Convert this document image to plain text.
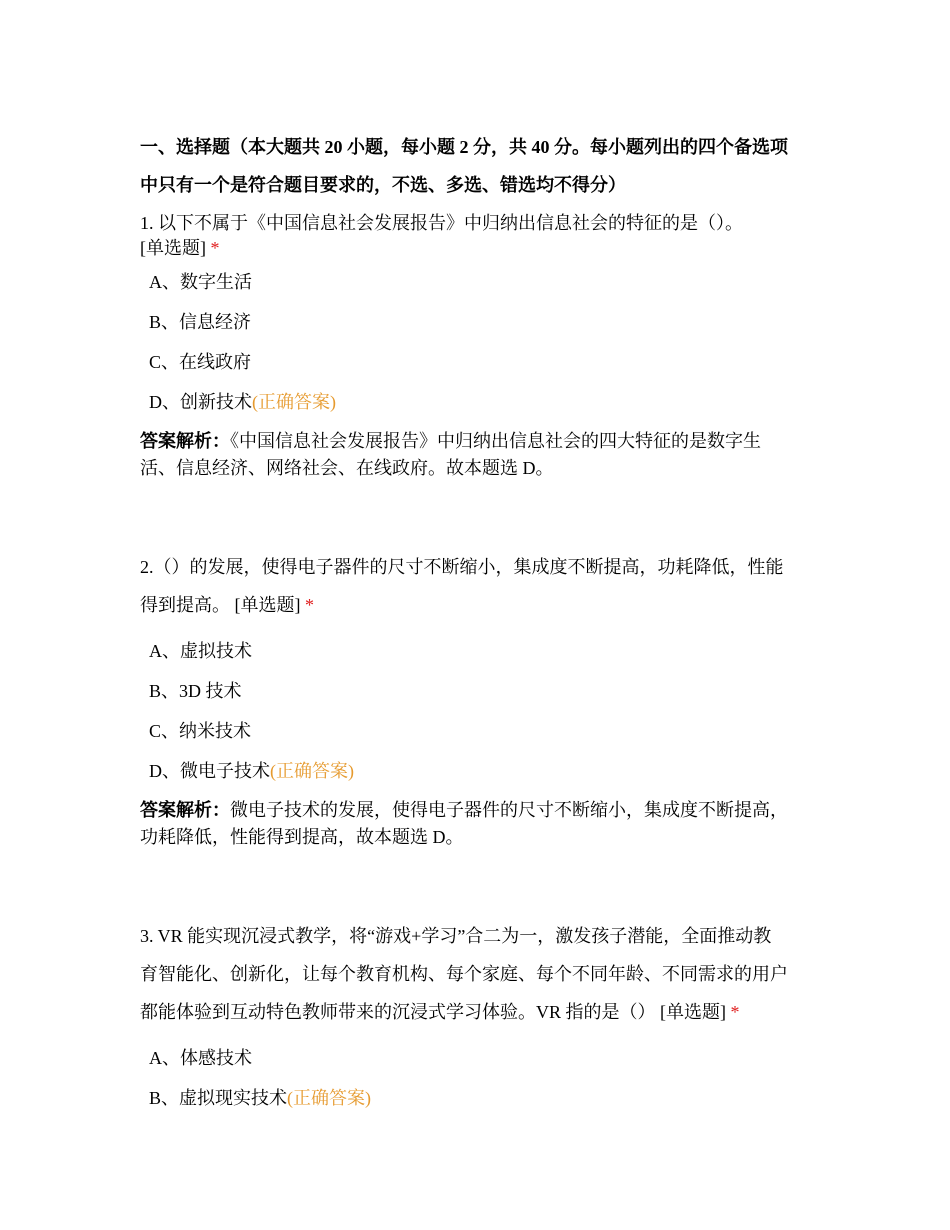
一、选择题（本大题共 20 小题，每小题 2 分，共 40 分。每小题列出的四个备选项
中只有一个是符合题目要求的，不选、多选、错选均不得分）
1. 以下不属于《中国信息社会发展报告》中归纳出信息社会的特征的是（）。
[单选题] *
A、数字生活
B、信息经济
C、在线政府
D、创新技术(正确答案)
答案解析：《中国信息社会发展报告》中归纳出信息社会的四大特征的是数字生
活、信息经济、网络社会、在线政府。故本题选 D。
2.（）的发展，使得电子器件的尺寸不断缩小，集成度不断提高，功耗降低，性能
得到提高。 [单选题] *
A、虚拟技术
B、3D 技术
C、纳米技术
D、微电子技术(正确答案)
答案解析：微电子技术的发展，使得电子器件的尺寸不断缩小，集成度不断提高，
功耗降低，性能得到提高，故本题选 D。
3. VR 能实现沉浸式教学，将“游戏+学习”合二为一，激发孩子潜能，全面推动教
育智能化、创新化，让每个教育机构、每个家庭、每个不同年龄、不同需求的用户
都能体验到互动特色教师带来的沉浸式学习体验。VR 指的是（） [单选题] *
A、体感技术
B、虚拟现实技术(正确答案)
